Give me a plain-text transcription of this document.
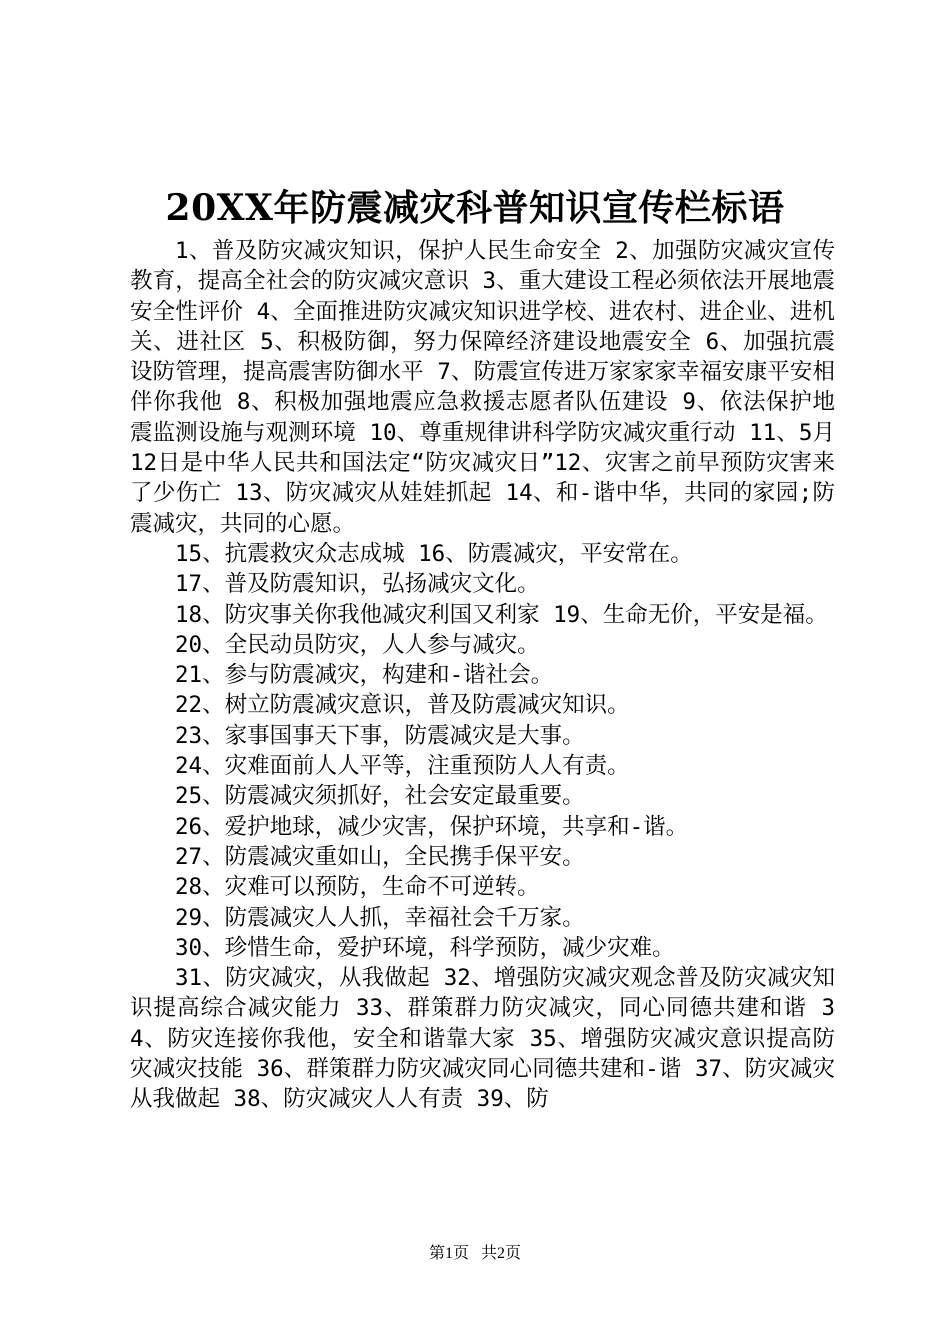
20XX年防震减灾科普知识宣传栏标语

1、普及防灾减灾知识，保护人民生命安全 2、加强防灾减灾宣传教育，提高全社会的防灾减灾意识 3、重大建设工程必须依法开展地震安全性评价 4、全面推进防灾减灾知识进学校、进农村、进企业、进机关、进社区 5、积极防御，努力保障经济建设地震安全 6、加强抗震设防管理，提高震害防御水平 7、防震宣传进万家家家幸福安康平安相伴你我他 8、积极加强地震应急救援志愿者队伍建设 9、依法保护地震监测设施与观测环境 10、尊重规律讲科学防灾减灾重行动 11、5月12日是中华人民共和国法定“防灾减灾日”12、灾害之前早预防灾害来了少伤亡 13、防灾减灾从娃娃抓起 14、和-谐中华，共同的家园;防震减灾，共同的心愿。

15、抗震救灾众志成城 16、防震减灾，平安常在。

17、普及防震知识，弘扬减灾文化。

18、防灾事关你我他减灾利国又利家 19、生命无价，平安是福。

20、全民动员防灾，人人参与减灾。

21、参与防震减灾，构建和-谐社会。

22、树立防震减灾意识，普及防震减灾知识。

23、家事国事天下事，防震减灾是大事。

24、灾难面前人人平等，注重预防人人有责。

25、防震减灾须抓好，社会安定最重要。

26、爱护地球，减少灾害，保护环境，共享和-谐。

27、防震减灾重如山，全民携手保平安。

28、灾难可以预防，生命不可逆转。

29、防震减灾人人抓，幸福社会千万家。

30、珍惜生命，爱护环境，科学预防，减少灾难。

31、防灾减灾，从我做起 32、增强防灾减灾观念普及防灾减灾知识提高综合减灾能力 33、群策群力防灾减灾，同心同德共建和谐 34、防灾连接你我他，安全和谐靠大家 35、增强防灾减灾意识提高防灾减灾技能 36、群策群力防灾减灾同心同德共建和-谐 37、防灾减灾从我做起 38、防灾减灾人人有责 39、防

第1页 共2页
